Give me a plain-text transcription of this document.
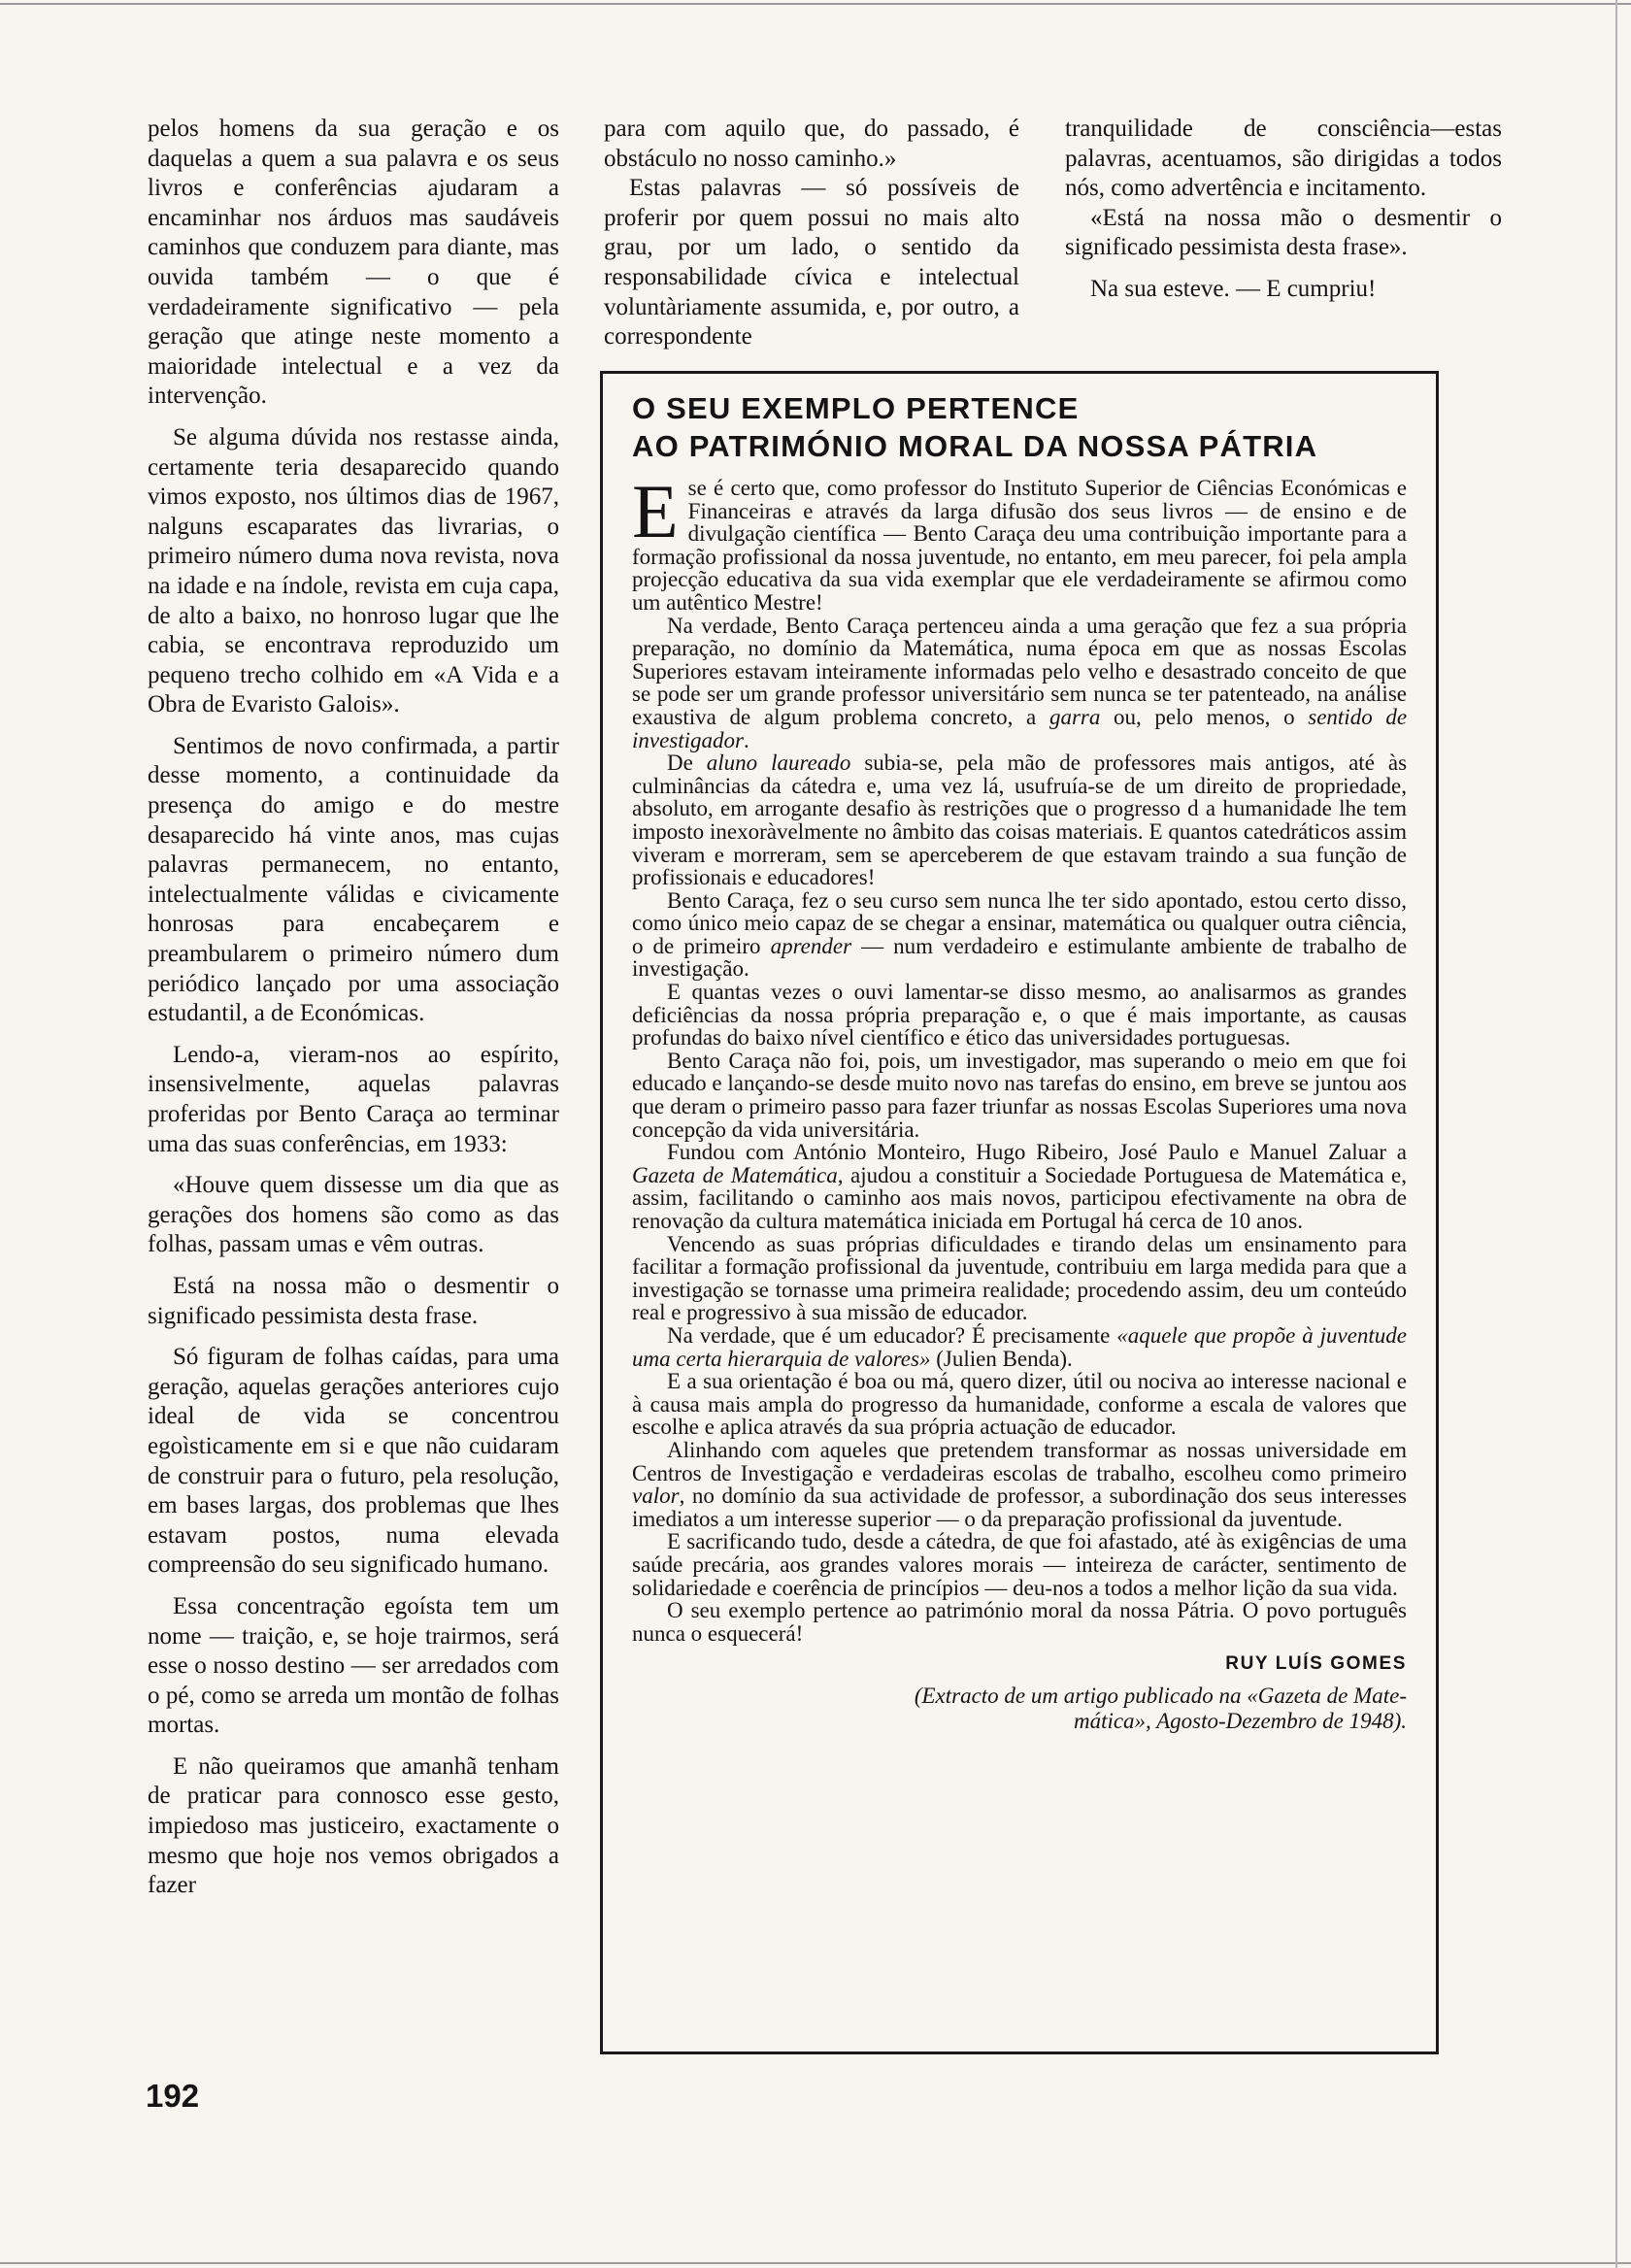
pelos homens da sua geração e os daquelas a quem a sua palavra e os seus livros e conferências ajudaram a encaminhar nos árduos mas saudáveis caminhos que conduzem para diante, mas ouvida também — o que é verdadeiramente significativo — pela geração que atinge neste momento a maioridade intelectual e a vez da intervenção.

Se alguma dúvida nos restasse ainda, certamente teria desaparecido quando vimos exposto, nos últimos dias de 1967, nalguns escaparates das livrarias, o primeiro número duma nova revista, nova na idade e na índole, revista em cuja capa, de alto a baixo, no honroso lugar que lhe cabia, se encontrava reproduzido um pequeno trecho colhido em «A Vida e a Obra de Evaristo Galois».

Sentimos de novo confirmada, a partir desse momento, a continuidade da presença do amigo e do mestre desaparecido há vinte anos, mas cujas palavras permanecem, no entanto, intelectualmente válidas e civicamente honrosas para encabeçarem e preambularem o primeiro número dum periódico lançado por uma associação estudantil, a de Económicas.

Lendo-a, vieram-nos ao espírito, insensivelmente, aquelas palavras proferidas por Bento Caraça ao terminar uma das suas conferências, em 1933:

«Houve quem dissesse um dia que as gerações dos homens são como as das folhas, passam umas e vêm outras.

Está na nossa mão o desmentir o significado pessimista desta frase.

Só figuram de folhas caídas, para uma geração, aquelas gerações anteriores cujo ideal de vida se concentrou egoìsticamente em si e que não cuidaram de construir para o futuro, pela resolução, em bases largas, dos problemas que lhes estavam postos, numa elevada compreensão do seu significado humano.

Essa concentração egoísta tem um nome — traição, e, se hoje trairmos, será esse o nosso destino — ser arredados com o pé, como se arreda um montão de folhas mortas.

E não queiramos que amanhã tenham de praticar para connosco esse gesto, impiedoso mas justiceiro, exactamente o mesmo que hoje nos vemos obrigados a fazer

para com aquilo que, do passado, é obstáculo no nosso caminho.»

Estas palavras — só possíveis de proferir por quem possui no mais alto grau, por um lado, o sentido da responsabilidade cívica e intelectual voluntàriamente assumida, e, por outro, a correspondente

tranquilidade de consciência—estas palavras, acentuamos, são dirigidas a todos nós, como advertência e incitamento.

«Está na nossa mão o desmentir o significado pessimista desta frase».

Na sua esteve. — E cumpriu!

O SEU EXEMPLO PERTENCE
AO PATRIMÓNIO MORAL DA NOSSA PÁTRIA

Ese é certo que, como professor do Instituto Superior de Ciências Económicas e Financeiras e através da larga difusão dos seus livros — de ensino e de divulgação científica — Bento Caraça deu uma contribuição importante para a formação profissional da nossa juventude, no entanto, em meu parecer, foi pela ampla projecção educativa da sua vida exemplar que ele verdadeiramente se afirmou como um autêntico Mestre!

Na verdade, Bento Caraça pertenceu ainda a uma geração que fez a sua própria preparação, no domínio da Matemática, numa época em que as nossas Escolas Superiores estavam inteiramente informadas pelo velho e desastrado conceito de que se pode ser um grande professor universitário sem nunca se ter patenteado, na análise exaustiva de algum problema concreto, a garra ou, pelo menos, o sentido de investigador.

De aluno laureado subia-se, pela mão de professores mais antigos, até às culminâncias da cátedra e, uma vez lá, usufruía-se de um direito de propriedade, absoluto, em arrogante desafio às restrições que o progresso d a humanidade lhe tem imposto inexoràvelmente no âmbito das coisas materiais. E quantos catedráticos assim viveram e morreram, sem se aperceberem de que estavam traindo a sua função de profissionais e educadores!

Bento Caraça, fez o seu curso sem nunca lhe ter sido apontado, estou certo disso, como único meio capaz de se chegar a ensinar, matemática ou qualquer outra ciência, o de primeiro aprender — num verdadeiro e estimulante ambiente de trabalho de investigação.

E quantas vezes o ouvi lamentar-se disso mesmo, ao analisarmos as grandes deficiências da nossa própria preparação e, o que é mais importante, as causas profundas do baixo nível científico e ético das universidades portuguesas.

Bento Caraça não foi, pois, um investigador, mas superando o meio em que foi educado e lançando-se desde muito novo nas tarefas do ensino, em breve se juntou aos que deram o primeiro passo para fazer triunfar as nossas Escolas Superiores uma nova concepção da vida universitária.

Fundou com António Monteiro, Hugo Ribeiro, José Paulo e Manuel Zaluar a Gazeta de Matemática, ajudou a constituir a Sociedade Portuguesa de Matemática e, assim, facilitando o caminho aos mais novos, participou efectivamente na obra de renovação da cultura matemática iniciada em Portugal há cerca de 10 anos.

Vencendo as suas próprias dificuldades e tirando delas um ensinamento para facilitar a formação profissional da juventude, contribuiu em larga medida para que a investigação se tornasse uma primeira realidade; procedendo assim, deu um conteúdo real e progressivo à sua missão de educador.

Na verdade, que é um educador? É precisamente «aquele que propõe à juventude uma certa hierarquia de valores» (Julien Benda).

E a sua orientação é boa ou má, quero dizer, útil ou nociva ao interesse nacional e à causa mais ampla do progresso da humanidade, conforme a escala de valores que escolhe e aplica através da sua própria actuação de educador.

Alinhando com aqueles que pretendem transformar as nossas universidade em Centros de Investigação e verdadeiras escolas de trabalho, escolheu como primeiro valor, no domínio da sua actividade de professor, a subordinação dos seus interesses imediatos a um interesse superior — o da preparação profissional da juventude.

E sacrificando tudo, desde a cátedra, de que foi afastado, até às exigências de uma saúde precária, aos grandes valores morais — inteireza de carácter, sentimento de solidariedade e coerência de princípios — deu-nos a todos a melhor lição da sua vida.

O seu exemplo pertence ao património moral da nossa Pátria. O povo português nunca o esquecerá!

RUY LUÍS GOMES
(Extracto de um artigo publicado na «Gazeta de Mate-
mática», Agosto-Dezembro de 1948).
192
